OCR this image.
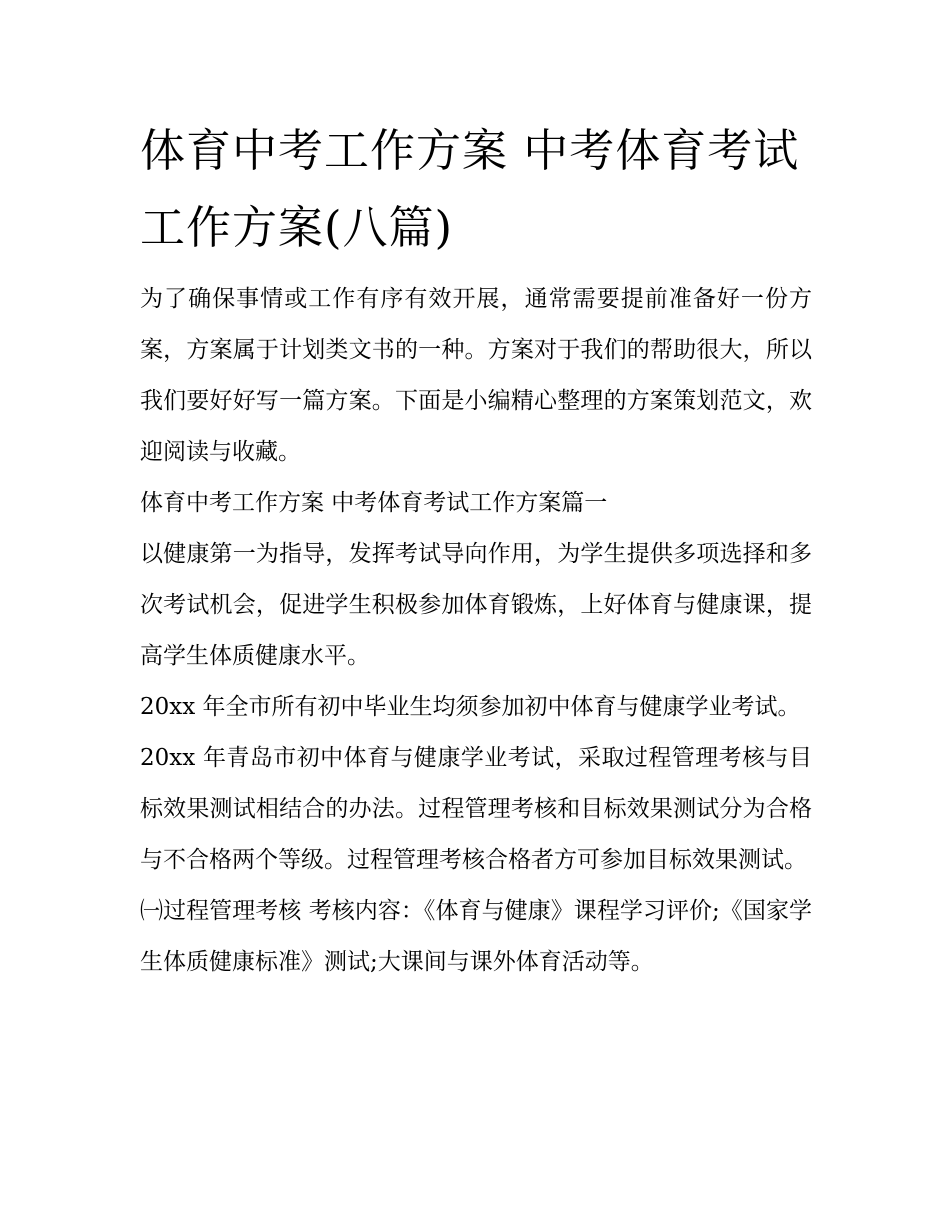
体育中考工作方案 中考体育考试工作方案(八篇)

为了确保事情或工作有序有效开展，通常需要提前准备好一份方案，方案属于计划类文书的一种。方案对于我们的帮助很大，所以我们要好好写一篇方案。下面是小编精心整理的方案策划范文，欢迎阅读与收藏。

体育中考工作方案 中考体育考试工作方案篇一

以健康第一为指导，发挥考试导向作用，为学生提供多项选择和多次考试机会，促进学生积极参加体育锻炼，上好体育与健康课，提高学生体质健康水平。

20xx 年全市所有初中毕业生均须参加初中体育与健康学业考试。

20xx 年青岛市初中体育与健康学业考试，采取过程管理考核与目标效果测试相结合的办法。过程管理考核和目标效果测试分为合格与不合格两个等级。过程管理考核合格者方可参加目标效果测试。

㈠过程管理考核 考核内容：《体育与健康》课程学习评价;《国家学生体质健康标准》测试;大课间与课外体育活动等。
